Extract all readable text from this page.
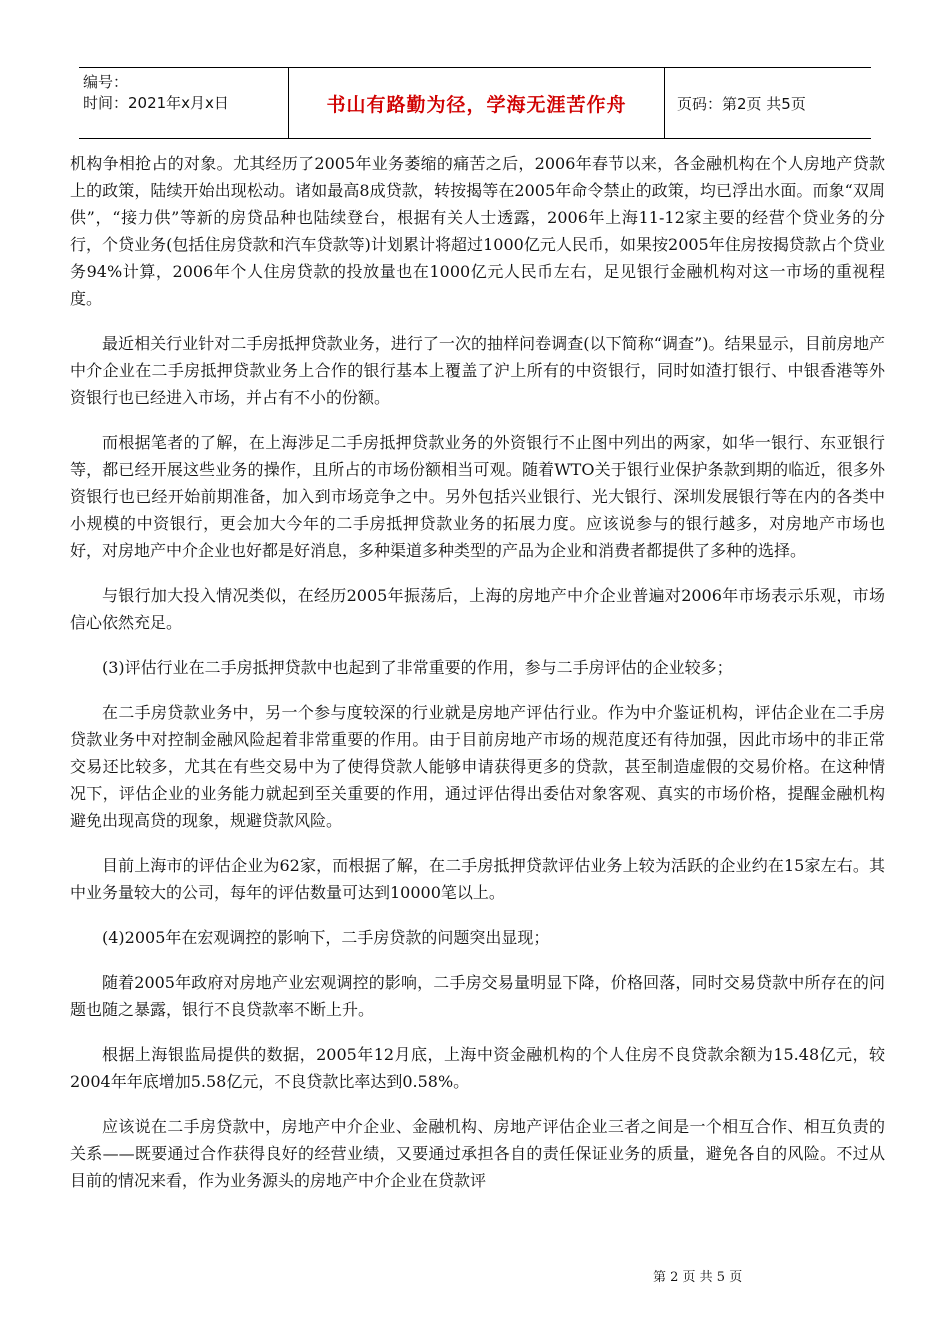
编号：
时间：2021年x月x日	书山有路勤为径，学海无涯苦作舟	页码：第2页 共5页

机构争相抢占的对象。尤其经历了2005年业务萎缩的痛苦之后，2006年春节以来，各金融机构在个人房地产贷款上的政策，陆续开始出现松动。诸如最高8成贷款，转按揭等在2005年命令禁止的政策，均已浮出水面。而象“双周供”，“接力供”等新的房贷品种也陆续登台，根据有关人士透露，2006年上海11-12家主要的经营个贷业务的分行，个贷业务(包括住房贷款和汽车贷款等)计划累计将超过1000亿元人民币，如果按2005年住房按揭贷款占个贷业务94%计算，2006年个人住房贷款的投放量也在1000亿元人民币左右，足见银行金融机构对这一市场的重视程度。

最近相关行业针对二手房抵押贷款业务，进行了一次的抽样问卷调查(以下简称“调查”)。结果显示，目前房地产中介企业在二手房抵押贷款业务上合作的银行基本上覆盖了沪上所有的中资银行，同时如渣打银行、中银香港等外资银行也已经进入市场，并占有不小的份额。

而根据笔者的了解，在上海涉足二手房抵押贷款业务的外资银行不止图中列出的两家，如华一银行、东亚银行等，都已经开展这些业务的操作，且所占的市场份额相当可观。随着WTO关于银行业保护条款到期的临近，很多外资银行也已经开始前期准备，加入到市场竞争之中。另外包括兴业银行、光大银行、深圳发展银行等在内的各类中小规模的中资银行，更会加大今年的二手房抵押贷款业务的拓展力度。应该说参与的银行越多，对房地产市场也好，对房地产中介企业也好都是好消息，多种渠道多种类型的产品为企业和消费者都提供了多种的选择。

与银行加大投入情况类似，在经历2005年振荡后，上海的房地产中介企业普遍对2006年市场表示乐观，市场信心依然充足。

(3)评估行业在二手房抵押贷款中也起到了非常重要的作用，参与二手房评估的企业较多；

在二手房贷款业务中，另一个参与度较深的行业就是房地产评估行业。作为中介鉴证机构，评估企业在二手房贷款业务中对控制金融风险起着非常重要的作用。由于目前房地产市场的规范度还有待加强，因此市场中的非正常交易还比较多，尤其在有些交易中为了使得贷款人能够申请获得更多的贷款，甚至制造虚假的交易价格。在这种情况下，评估企业的业务能力就起到至关重要的作用，通过评估得出委估对象客观、真实的市场价格，提醒金融机构避免出现高贷的现象，规避贷款风险。

目前上海市的评估企业为62家，而根据了解，在二手房抵押贷款评估业务上较为活跃的企业约在15家左右。其中业务量较大的公司，每年的评估数量可达到10000笔以上。

(4)2005年在宏观调控的影响下，二手房贷款的问题突出显现；

随着2005年政府对房地产业宏观调控的影响，二手房交易量明显下降，价格回落，同时交易贷款中所存在的问题也随之暴露，银行不良贷款率不断上升。

根据上海银监局提供的数据，2005年12月底，上海中资金融机构的个人住房不良贷款余额为15.48亿元，较2004年年底增加5.58亿元，不良贷款比率达到0.58%。

应该说在二手房贷款中，房地产中介企业、金融机构、房地产评估企业三者之间是一个相互合作、相互负责的关系——既要通过合作获得良好的经营业绩，又要通过承担各自的责任保证业务的质量，避免各自的风险。不过从目前的情况来看，作为业务源头的房地产中介企业在贷款评

第 2 页 共 5 页
